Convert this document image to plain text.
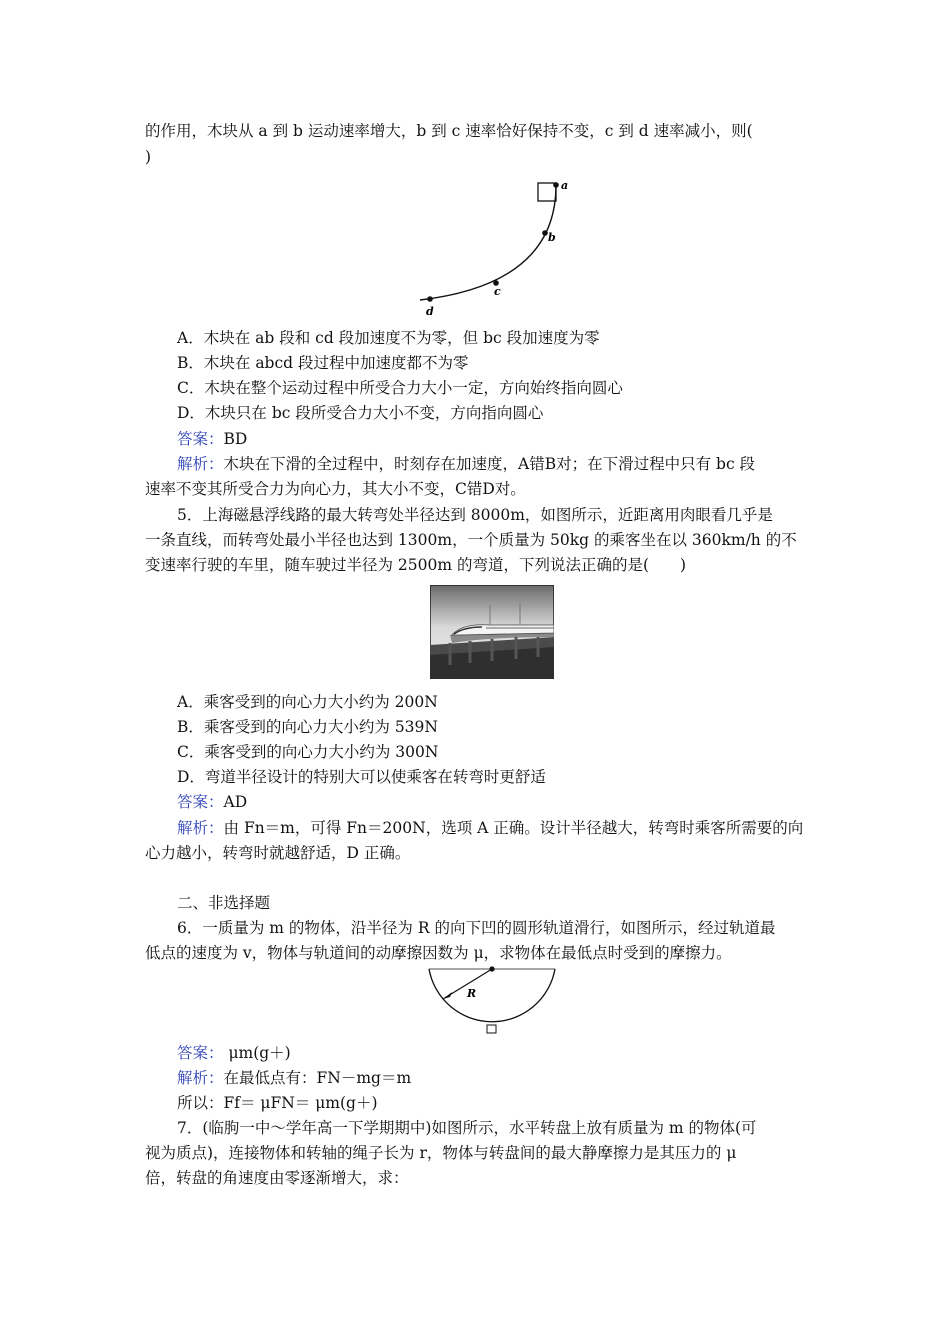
的作用，木块从 a 到 b 运动速率增大，b 到 c 速率恰好保持不变，c 到 d 速率减小，则(
)
a
b
c
d
A．木块在 ab 段和 cd 段加速度不为零，但 bc 段加速度为零
B．木块在 abcd 段过程中加速度都不为零
C．木块在整个运动过程中所受合力大小一定，方向始终指向圆心
D．木块只在 bc 段所受合力大小不变，方向指向圆心
答案：BD
解析：木块在下滑的全过程中，时刻存在加速度，A错B对；在下滑过程中只有 bc 段
速率不变其所受合力为向心力，其大小不变，C错D对。
5．上海磁悬浮线路的最大转弯处半径达到 8000m，如图所示，近距离用肉眼看几乎是
一条直线，而转弯处最小半径也达到 1300m，一个质量为 50kg 的乘客坐在以 360km/h 的不
变速率行驶的车里，随车驶过半径为 2500m 的弯道，下列说法正确的是(　　)
A．乘客受到的向心力大小约为 200N
B．乘客受到的向心力大小约为 539N
C．乘客受到的向心力大小约为 300N
D．弯道半径设计的特别大可以使乘客在转弯时更舒适
答案：AD
解析：由 Fn＝m，可得 Fn＝200N，选项 A 正确。设计半径越大，转弯时乘客所需要的向
心力越小，转弯时就越舒适，D 正确。
二、非选择题
6．一质量为 m 的物体，沿半径为 R 的向下凹的圆形轨道滑行，如图所示，经过轨道最
低点的速度为 v，物体与轨道间的动摩擦因数为 μ，求物体在最低点时受到的摩擦力。
R
答案： μm(g＋)
解析：在最低点有：FN－mg＝m
所以：Ff＝ μFN＝ μm(g＋)
7．(临朐一中～学年高一下学期期中)如图所示，水平转盘上放有质量为 m 的物体(可
视为质点)，连接物体和转轴的绳子长为 r，物体与转盘间的最大静摩擦力是其压力的 μ
倍，转盘的角速度由零逐渐增大，求：
